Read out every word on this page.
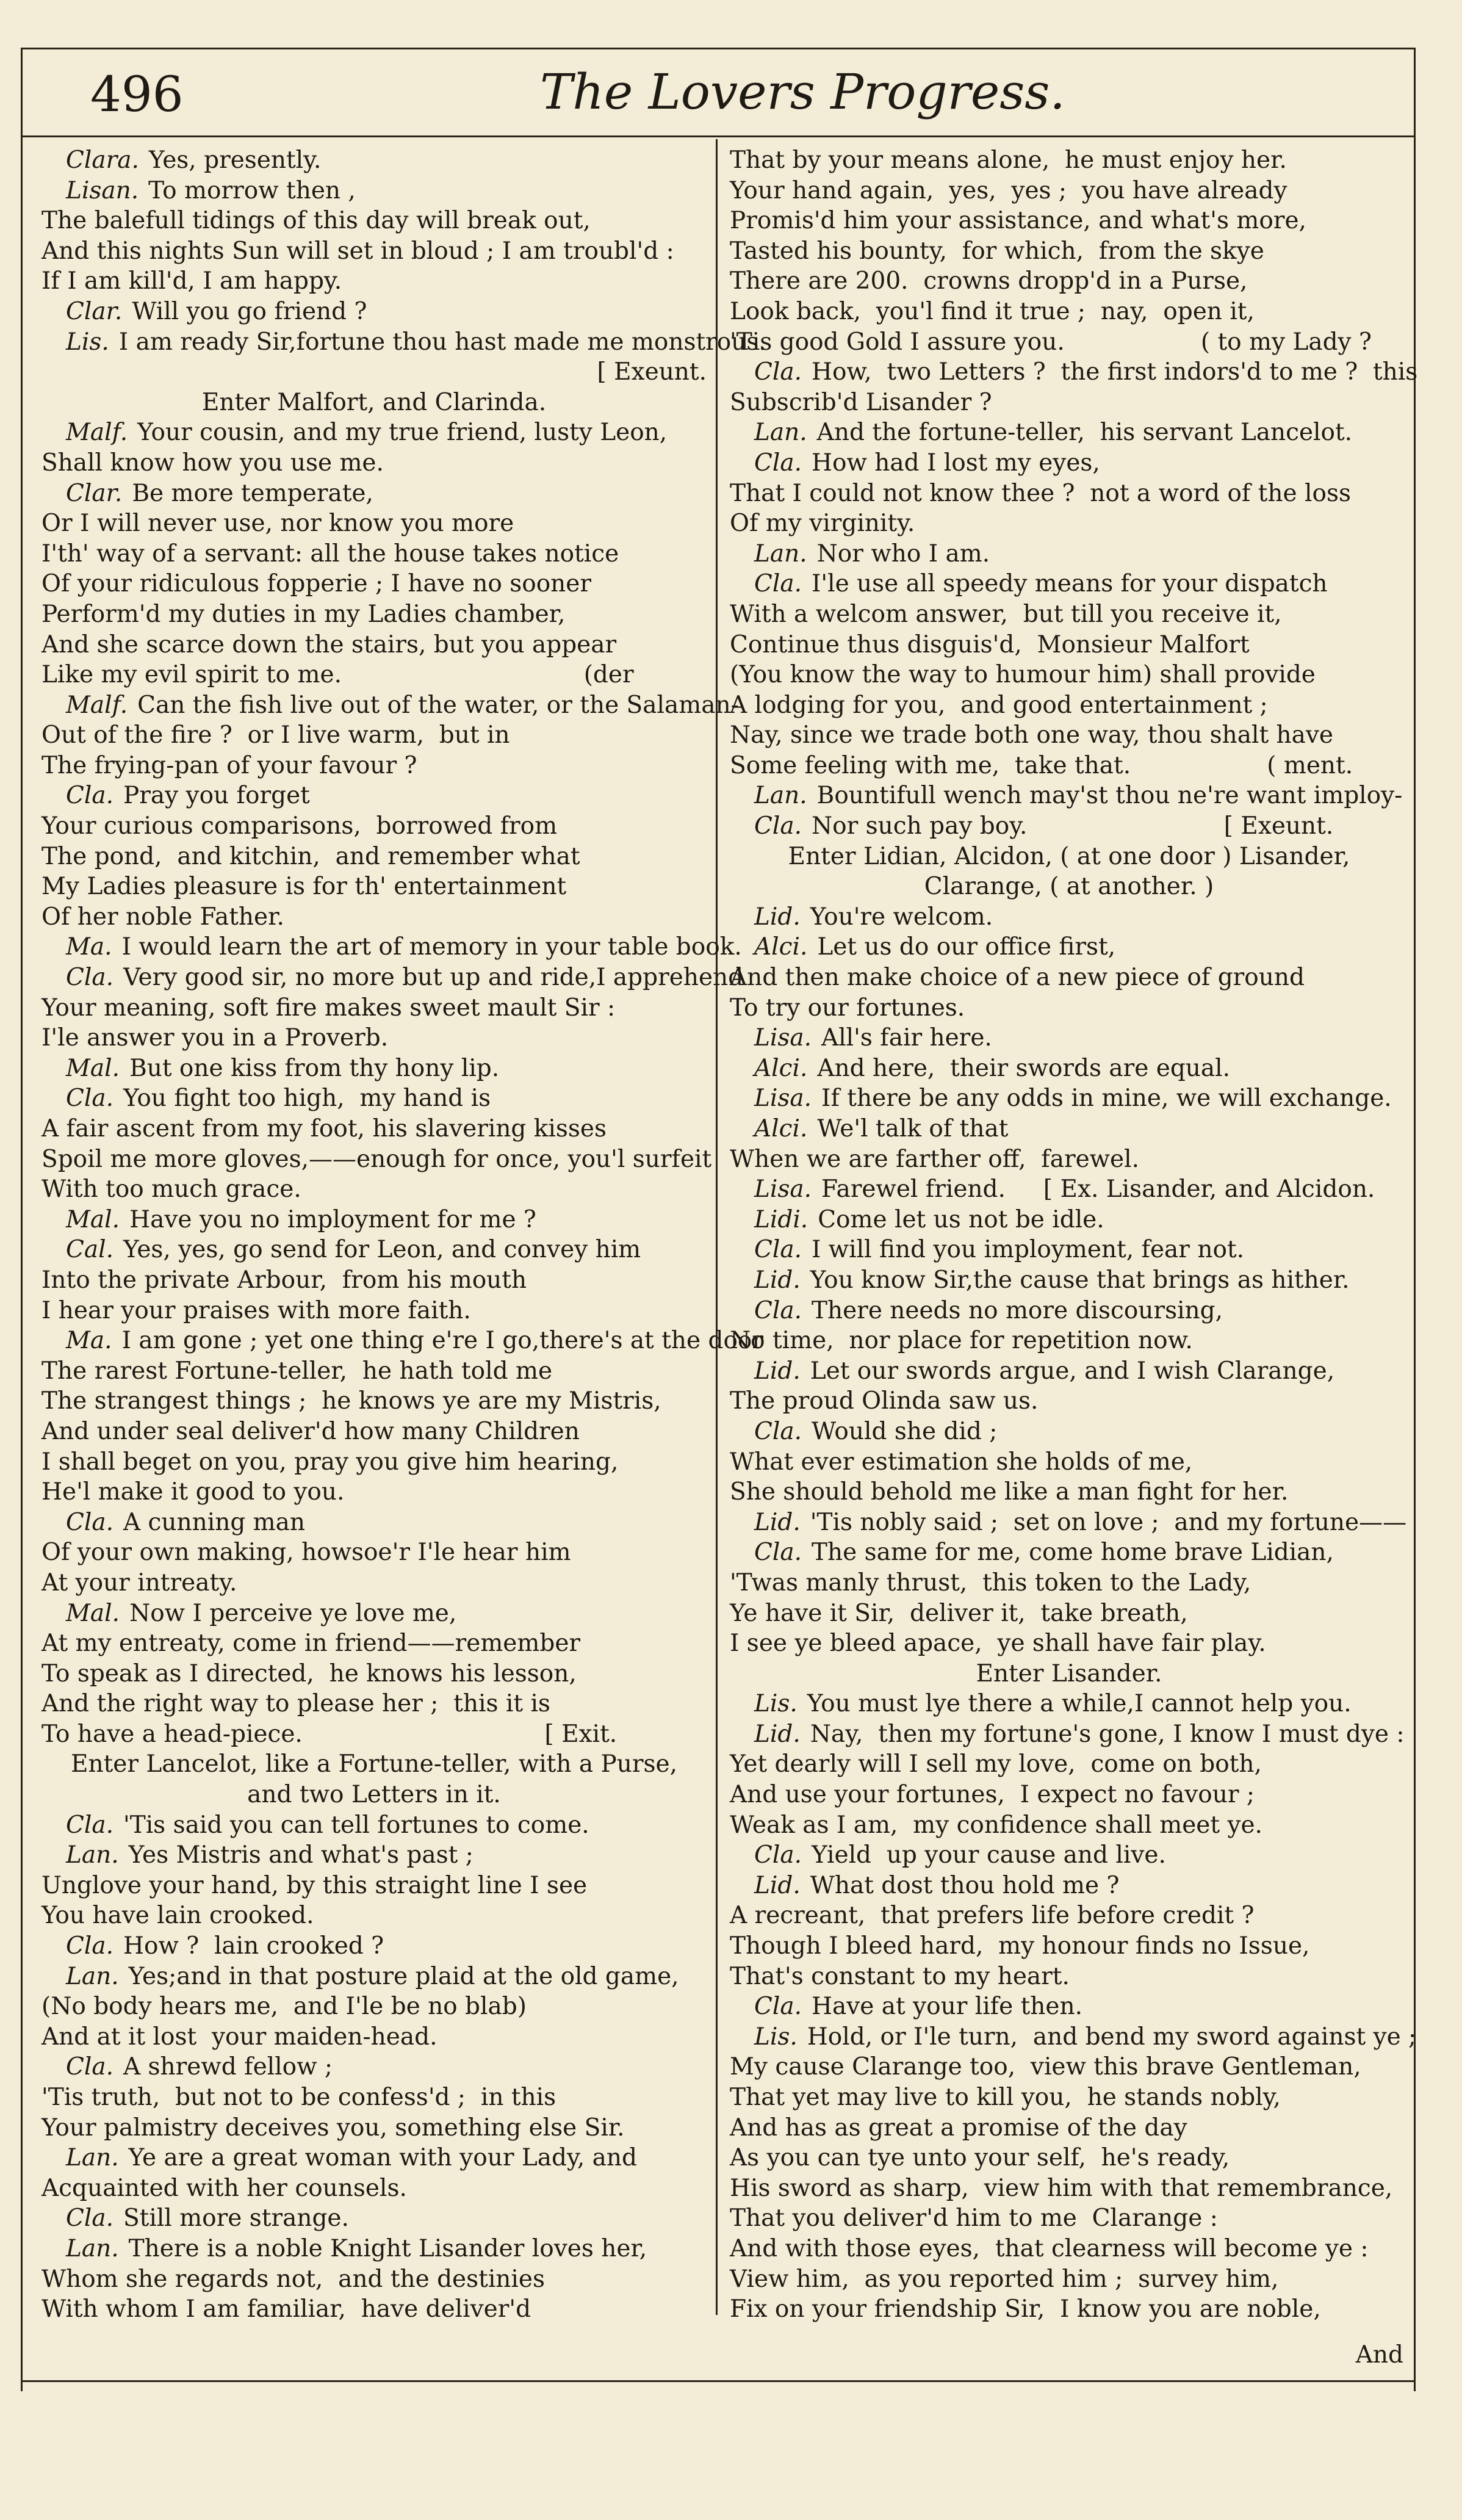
496	The Lovers Progress.
Clara. Yes, presently.
Lisan. To morrow then ,
The balefull tidings of this day will break out,
And this nights Sun will set in bloud ; I am troubl'd :
If I am kill'd, I am happy.
Clar. Will you go friend ?
Lis. I am ready Sir,fortune thou hast made me monstrous.
[ Exeunt.
Enter Malfort, and Clarinda.
Malf. Your cousin, and my true friend, lusty Leon,
Shall know how you use me.
Clar. Be more temperate,
Or I will never use, nor know you more
I'th' way of a servant: all the house takes notice
Of your ridiculous fopperie ; I have no sooner
Perform'd my duties in my Ladies chamber,
And she scarce down the stairs, but you appear
Like my evil spirit to me.                                (der
Malf. Can the fish live out of the water, or the Salaman-
Out of the fire ?  or I live warm,  but in
The frying-pan of your favour ?
Cla. Pray you forget
Your curious comparisons,  borrowed from
The pond,  and kitchin,  and remember what
My Ladies pleasure is for th' entertainment
Of her noble Father.
Ma. I would learn the art of memory in your table book.
Cla. Very good sir, no more but up and ride,I apprehend
Your meaning, soft fire makes sweet mault Sir :
I'le answer you in a Proverb.
Mal. But one kiss from thy hony lip.
Cla. You fight too high,  my hand is
A fair ascent from my foot, his slavering kisses
Spoil me more gloves,——enough for once, you'l surfeit
With too much grace.
Mal. Have you no imployment for me ?
Cal. Yes, yes, go send for Leon, and convey him
Into the private Arbour,  from his mouth
I hear your praises with more faith.
Ma. I am gone ; yet one thing e're I go,there's at the door
The rarest Fortune-teller,  he hath told me
The strangest things ;  he knows ye are my Mistris,
And under seal deliver'd how many Children
I shall beget on you, pray you give him hearing,
He'l make it good to you.
Cla. A cunning man
Of your own making, howsoe'r I'le hear him
At your intreaty.
Mal. Now I perceive ye love me,
At my entreaty, come in friend——remember
To speak as I directed,  he knows his lesson,
And the right way to please her ;  this it is
To have a head-piece.                                [ Exit.
Enter Lancelot, like a Fortune-teller, with a Purse,
and two Letters in it.
Cla. 'Tis said you can tell fortunes to come.
Lan. Yes Mistris and what's past ;
Unglove your hand, by this straight line I see
You have lain crooked.
Cla. How ?  lain crooked ?
Lan. Yes;and in that posture plaid at the old game,
(No body hears me,  and I'le be no blab)
And at it lost  your maiden-head.
Cla. A shrewd fellow ;
'Tis truth,  but not to be confess'd ;  in this
Your palmistry deceives you, something else Sir.
Lan. Ye are a great woman with your Lady, and
Acquainted with her counsels.
Cla. Still more strange.
Lan. There is a noble Knight Lisander loves her,
Whom she regards not,  and the destinies
With whom I am familiar,  have deliver'd
That by your means alone,  he must enjoy her.
Your hand again,  yes,  yes ;  you have already
Promis'd him your assistance, and what's more,
Tasted his bounty,  for which,  from the skye
There are 200.  crowns dropp'd in a Purse,
Look back,  you'l find it true ;  nay,  open it,
'Tis good Gold I assure you.                  ( to my Lady ?
Cla. How,  two Letters ?  the first indors'd to me ?  this
Subscrib'd Lisander ?
Lan. And the fortune-teller,  his servant Lancelot.
Cla. How had I lost my eyes,
That I could not know thee ?  not a word of the loss
Of my virginity.
Lan. Nor who I am.
Cla. I'le use all speedy means for your dispatch
With a welcom answer,  but till you receive it,
Continue thus disguis'd,  Monsieur Malfort
(You know the way to humour him) shall provide
A lodging for you,  and good entertainment ;
Nay, since we trade both one way, thou shalt have
Some feeling with me,  take that.                  ( ment.
Lan. Bountifull wench may'st thou ne're want imploy-
Cla. Nor such pay boy.                          [ Exeunt.
Enter Lidian, Alcidon, ( at one door ) Lisander,
Clarange, ( at another. )
Lid. You're welcom.
Alci. Let us do our office first,
And then make choice of a new piece of ground
To try our fortunes.
Lisa. All's fair here.
Alci. And here,  their swords are equal.
Lisa. If there be any odds in mine, we will exchange.
Alci. We'l talk of that
When we are farther off,  farewel.
Lisa. Farewel friend.     [ Ex. Lisander, and Alcidon.
Lidi. Come let us not be idle.
Cla. I will find you imployment, fear not.
Lid. You know Sir,the cause that brings as hither.
Cla. There needs no more discoursing,
No time,  nor place for repetition now.
Lid. Let our swords argue, and I wish Clarange,
The proud Olinda saw us.
Cla. Would she did ;
What ever estimation she holds of me,
She should behold me like a man fight for her.
Lid. 'Tis nobly said ;  set on love ;  and my fortune——
Cla. The same for me, come home brave Lidian,
'Twas manly thrust,  this token to the Lady,
Ye have it Sir,  deliver it,  take breath,
I see ye bleed apace,  ye shall have fair play.
Enter Lisander.
Lis. You must lye there a while,I cannot help you.
Lid. Nay,  then my fortune's gone, I know I must dye :
Yet dearly will I sell my love,  come on both,
And use your fortunes,  I expect no favour ;
Weak as I am,  my confidence shall meet ye.
Cla. Yield  up your cause and live.
Lid. What dost thou hold me ?
A recreant,  that prefers life before credit ?
Though I bleed hard,  my honour finds no Issue,
That's constant to my heart.
Cla. Have at your life then.
Lis. Hold, or I'le turn,  and bend my sword against ye ;
My cause Clarange too,  view this brave Gentleman,
That yet may live to kill you,  he stands nobly,
And has as great a promise of the day
As you can tye unto your self,  he's ready,
His sword as sharp,  view him with that remembrance,
That you deliver'd him to me  Clarange :
And with those eyes,  that clearness will become ye :
View him,  as you reported him ;  survey him,
Fix on your friendship Sir,  I know you are noble,
And
